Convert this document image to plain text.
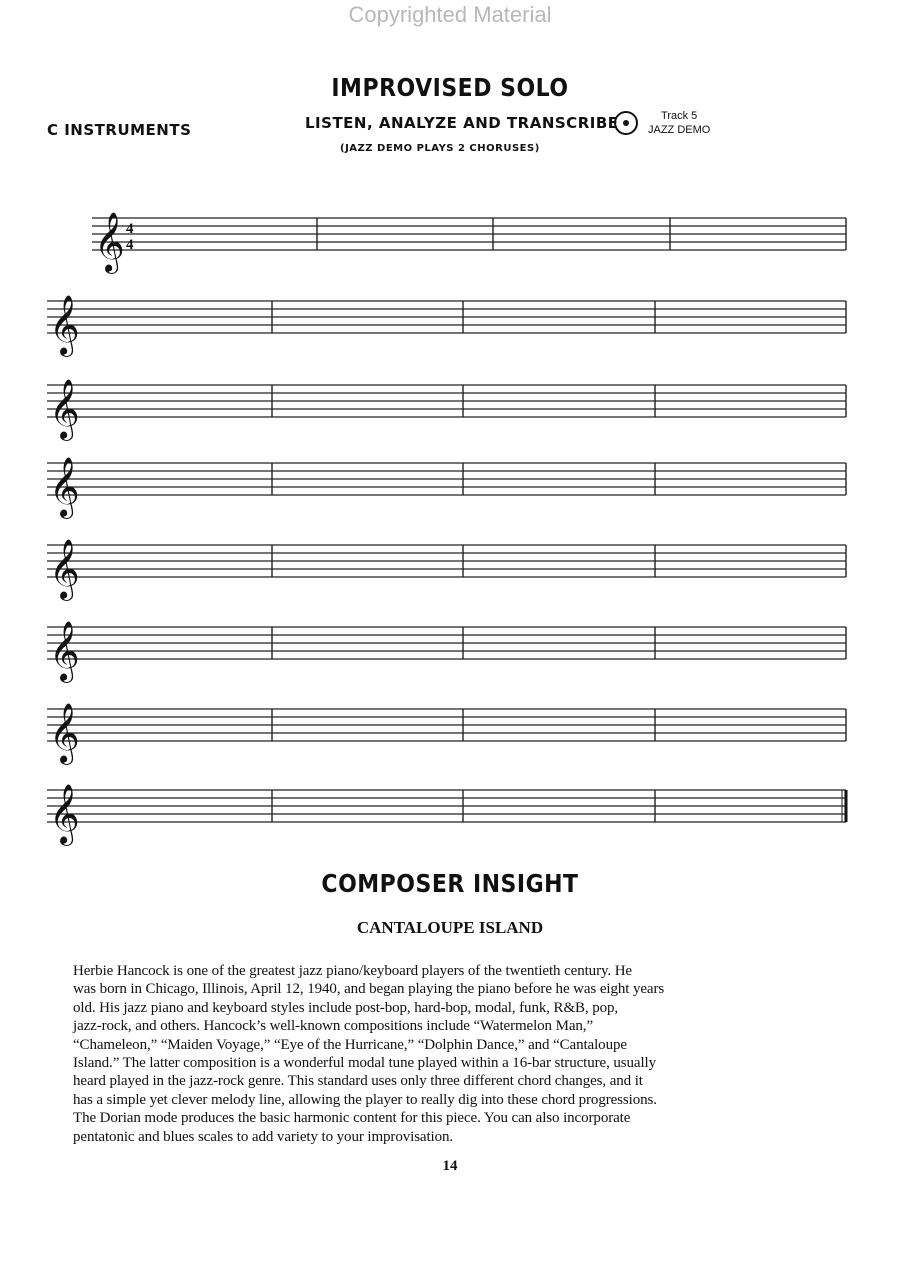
Copyrighted Material
IMPROVISED SOLO
C INSTRUMENTS	LISTEN, ANALYZE AND TRANSCRIBE
(JAZZ DEMO PLAYS 2 CHORUSES)
Track 5
JAZZ DEMO
𝄞 4
4
𝄞
𝄞
𝄞
𝄞
𝄞
𝄞
𝄞
COMPOSER INSIGHT
CANTALOUPE ISLAND
Herbie Hancock is one of the greatest jazz piano/keyboard players of the twentieth century. He
was born in Chicago, Illinois, April 12, 1940, and began playing the piano before he was eight years
old. His jazz piano and keyboard styles include post-bop, hard-bop, modal, funk, R&B, pop,
jazz-rock, and others. Hancock’s well-known compositions include “Watermelon Man,”
“Chameleon,” “Maiden Voyage,” “Eye of the Hurricane,” “Dolphin Dance,” and “Cantaloupe
Island.” The latter composition is a wonderful modal tune played within a 16-bar structure, usually
heard played in the jazz-rock genre. This standard uses only three different chord changes, and it
has a simple yet clever melody line, allowing the player to really dig into these chord progressions.
The Dorian mode produces the basic harmonic content for this piece. You can also incorporate
pentatonic and blues scales to add variety to your improvisation.
14
